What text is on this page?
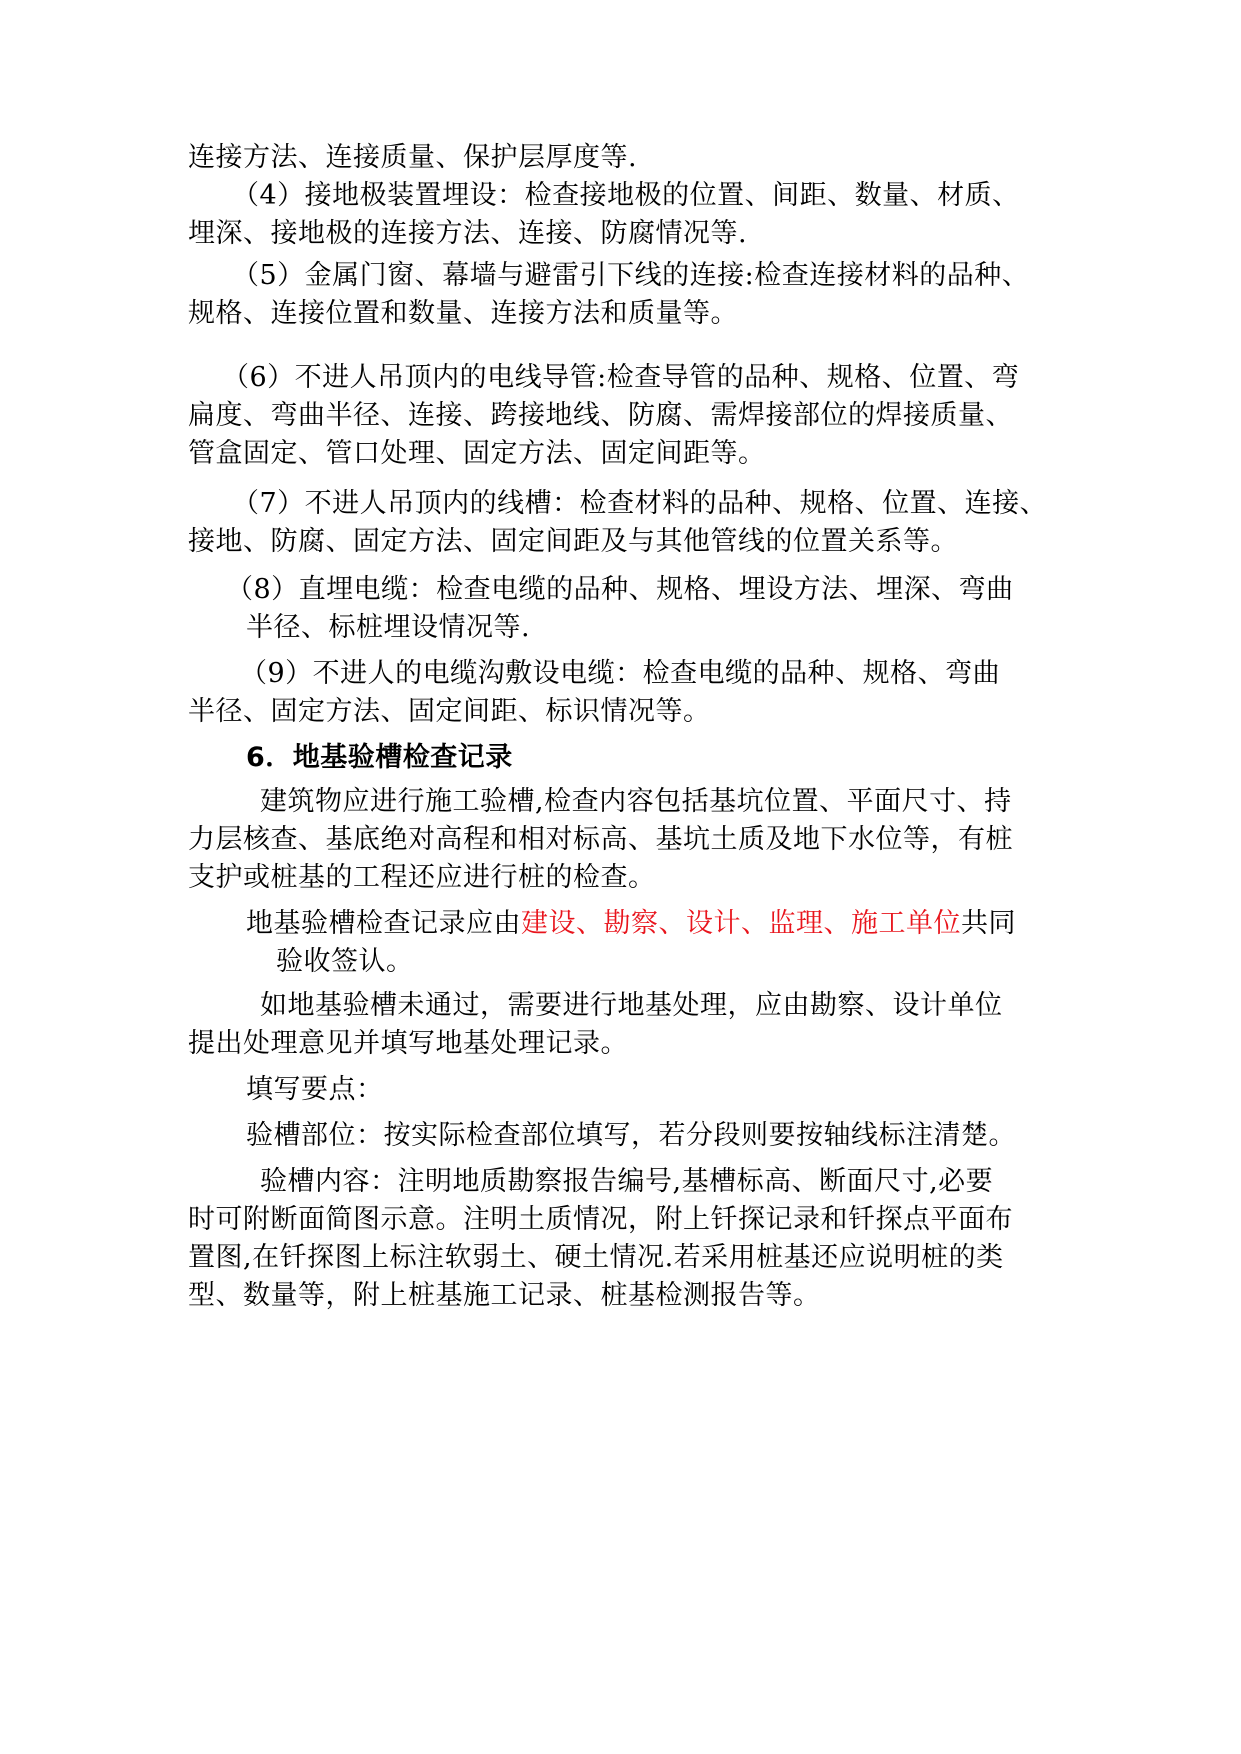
连接方法、连接质量、保护层厚度等.
（4）接地极装置埋设：检查接地极的位置、间距、数量、材质、
埋深、接地极的连接方法、连接、防腐情况等.
（5）金属门窗、幕墙与避雷引下线的连接:检查连接材料的品种、
规格、连接位置和数量、连接方法和质量等。
（6）不进人吊顶内的电线导管:检查导管的品种、规格、位置、弯
扁度、弯曲半径、连接、跨接地线、防腐、需焊接部位的焊接质量、
管盒固定、管口处理、固定方法、固定间距等。
（7）不进人吊顶内的线槽：检查材料的品种、规格、位置、连接、
接地、防腐、固定方法、固定间距及与其他管线的位置关系等。
（8）直埋电缆：检查电缆的品种、规格、埋设方法、埋深、弯曲
半径、标桩埋设情况等.
（9）不进人的电缆沟敷设电缆：检查电缆的品种、规格、弯曲
半径、固定方法、固定间距、标识情况等。
6．地基验槽检查记录
建筑物应进行施工验槽,检查内容包括基坑位置、平面尺寸、持
力层核查、基底绝对高程和相对标高、基坑土质及地下水位等，有桩
支护或桩基的工程还应进行桩的检查。
地基验槽检查记录应由建设、勘察、设计、监理、施工单位共同
验收签认。
如地基验槽未通过，需要进行地基处理，应由勘察、设计单位
提出处理意见并填写地基处理记录。
填写要点：
验槽部位：按实际检查部位填写，若分段则要按轴线标注清楚。
验槽内容：注明地质勘察报告编号,基槽标高、断面尺寸,必要
时可附断面简图示意。注明土质情况，附上钎探记录和钎探点平面布
置图,在钎探图上标注软弱土、硬土情况.若采用桩基还应说明桩的类
型、数量等，附上桩基施工记录、桩基检测报告等。
